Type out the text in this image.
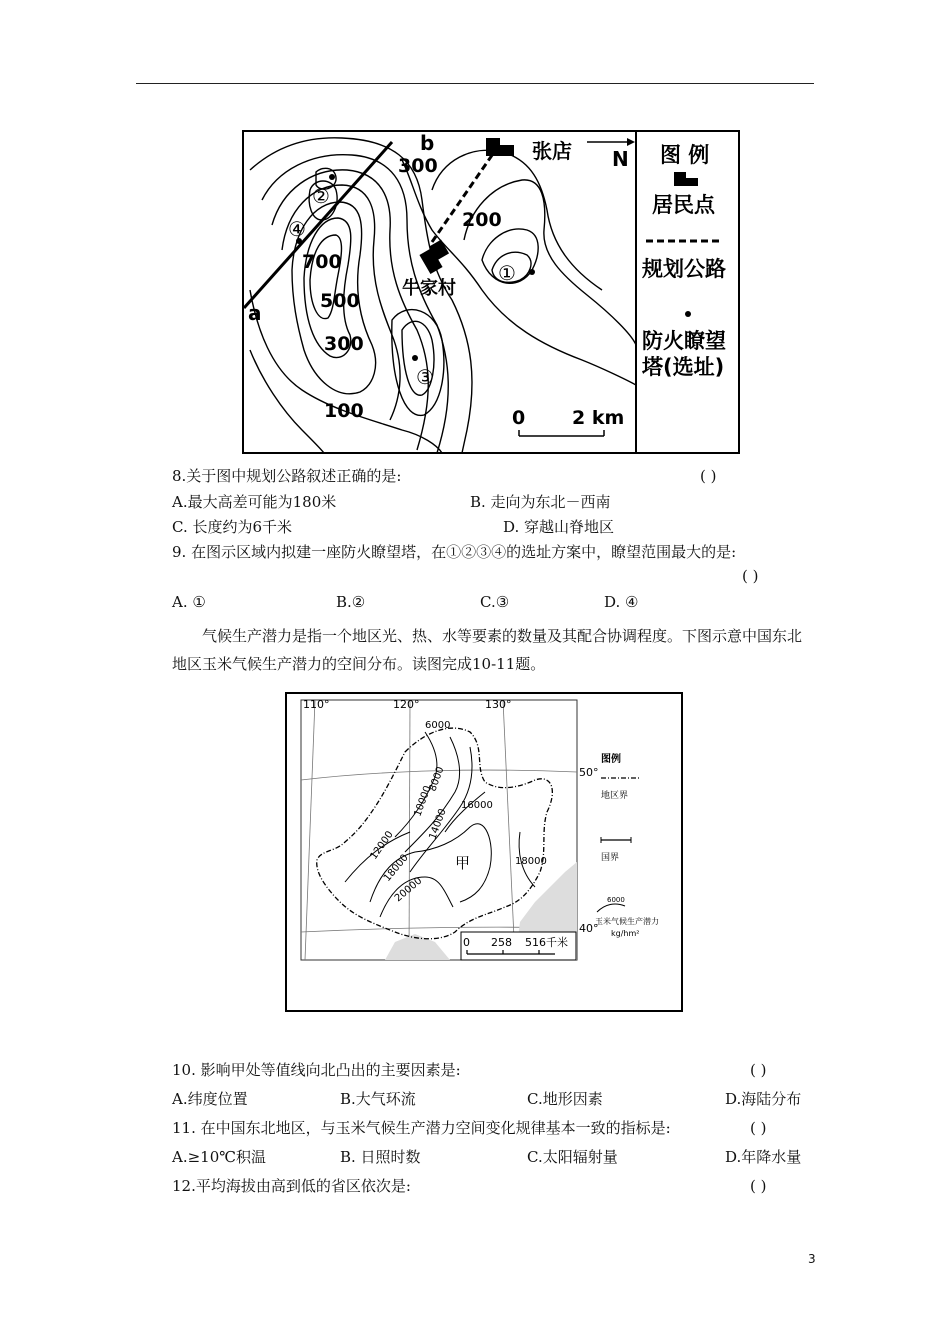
a
b
N
张店
牛家村
300
200
700
500
300
100
②
④
①
③
0 2 km
图 例
居民点
规划公路
防火瞭望
塔(选址)
8.关于图中规划公路叙述正确的是:	( )
A.最大高差可能为180米	B. 走向为东北－西南
C. 长度约为6千米	D. 穿越山脊地区
9. 在图示区域内拟建一座防火瞭望塔，在①②③④的选址方案中，瞭望范围最大的是:
( )
A. ①	B.②	C.③	D. ④
气候生产潜力是指一个地区光、热、水等要素的数量及其配合协调程度。下图示意中国东北地区玉米气候生产潜力的空间分布。读图完成10-11题。
6000
8000
10000
12000
14000
16000
18000	18000
20000
甲
110°	120°	130°
50°
40°
0 258 516千米
图例
地区界
国界
6000
玉米气候生产潜力
kg/hm²
10. 影响甲处等值线向北凸出的主要因素是:	( )
A.纬度位置	B.大气环流	C.地形因素	D.海陆分布
11. 在中国东北地区，与玉米气候生产潜力空间变化规律基本一致的指标是:	( )
A.≥10℃积温	B. 日照时数	C.太阳辐射量	D.年降水量
12.平均海拔由高到低的省区依次是:	( )
3
